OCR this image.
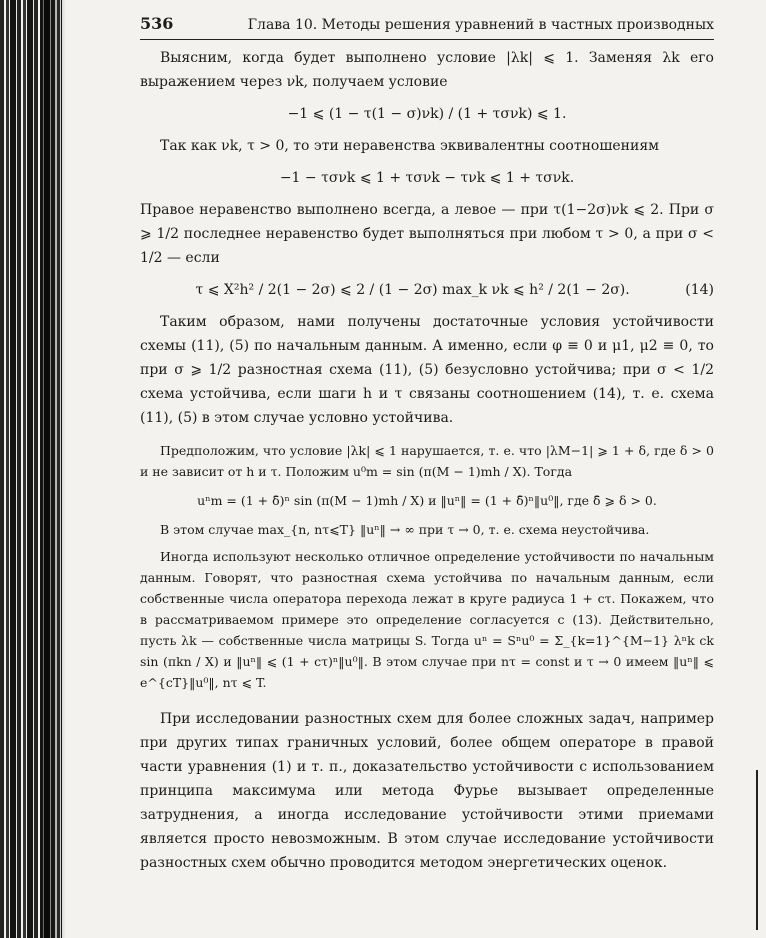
536	Глава 10. Методы решения уравнений в частных производных

Выясним, когда будет выполнено условие |λk| ⩽ 1. Заменяя λk его выражением через νk, получаем условие

−1 ⩽ (1 − τ(1 − σ)νk) / (1 + τσνk) ⩽ 1.

Так как νk, τ > 0, то эти неравенства эквивалентны соотношениям

−1 − τσνk ⩽ 1 + τσνk − τνk ⩽ 1 + τσνk.

Правое неравенство выполнено всегда, а левое — при τ(1−2σ)νk ⩽ 2. При σ ⩾ 1/2 последнее неравенство будет выполняться при любом τ > 0, а при σ < 1/2 — если

(14)
τ ⩽ X²h² / 2(1 − 2σ) ⩽ 2 / (1 − 2σ) max_k νk ⩽ h² / 2(1 − 2σ).

Таким образом, нами получены достаточные условия устойчивости схемы (11), (5) по начальным данным. А именно, если φ ≡ 0 и μ1, μ2 ≡ 0, то при σ ⩾ 1/2 разностная схема (11), (5) безусловно устойчива; при σ < 1/2 схема устойчива, если шаги h и τ связаны соотношением (14), т. е. схема (11), (5) в этом случае условно устойчива.

Предположим, что условие |λk| ⩽ 1 нарушается, т. е. что |λM−1| ⩾ 1 + δ, где δ > 0 и не зависит от h и τ. Положим u⁰m = sin (π(M − 1)mh / X). Тогда

uⁿm = (1 + δ̄)ⁿ sin (π(M − 1)mh / X) и ‖uⁿ‖ = (1 + δ̄)ⁿ‖u⁰‖, где δ̄ ⩾ δ > 0.

В этом случае max_{n, nτ⩽T} ‖uⁿ‖ → ∞ при τ → 0, т. е. схема неустойчива.

Иногда используют несколько отличное определение устойчивости по начальным данным. Говорят, что разностная схема устойчива по начальным данным, если собственные числа оператора перехода лежат в круге радиуса 1 + cτ. Покажем, что в рассматриваемом примере это определение согласуется с (13). Действительно, пусть λk — собственные числа матрицы S. Тогда uⁿ = Sⁿu⁰ = Σ_{k=1}^{M−1} λⁿk ck sin (πkn / X) и ‖uⁿ‖ ⩽ (1 + cτ)ⁿ‖u⁰‖. В этом случае при nτ = const и τ → 0 имеем ‖uⁿ‖ ⩽ e^{cT}‖u⁰‖, nτ ⩽ T.

При исследовании разностных схем для более сложных задач, например при других типах граничных условий, более общем операторе в правой части уравнения (1) и т. п., доказательство устойчивости с использованием принципа максимума или метода Фурье вызывает определенные затруднения, а иногда исследование устойчивости этими приемами является просто невозможным. В этом случае исследование устойчивости разностных схем обычно проводится методом энергетических оценок.
